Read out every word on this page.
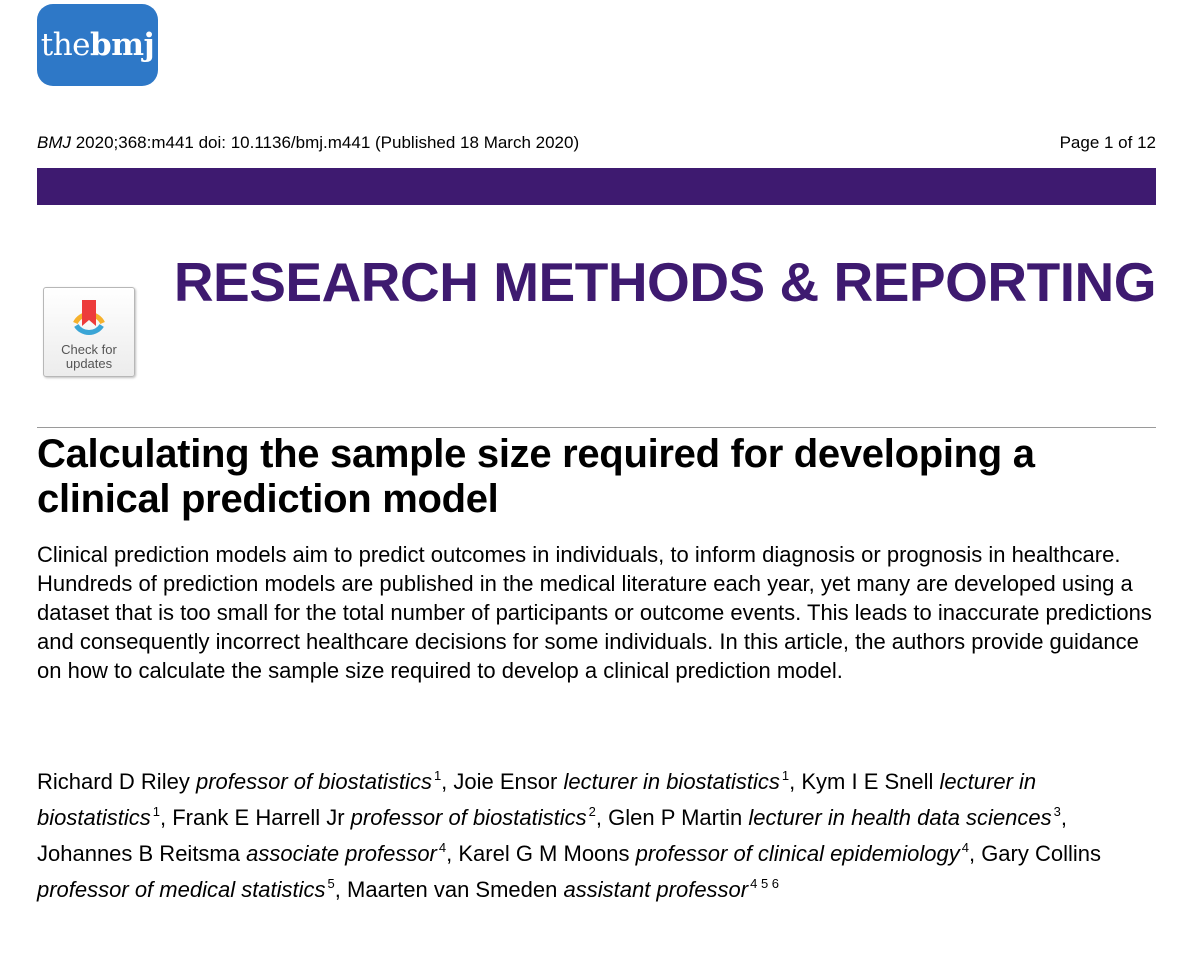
thebmj
BMJ 2020;368:m441 doi: 10.1136/bmj.m441 (Published 18 March 2020)	Page 1 of 12
RESEARCH METHODS & REPORTING
Check for
updates
Calculating the sample size required for developing a clinical prediction model

Clinical prediction models aim to predict outcomes in individuals, to inform diagnosis or prognosis in healthcare. Hundreds of prediction models are published in the medical literature each year, yet many are developed using a dataset that is too small for the total number of participants or outcome events. This leads to inaccurate predictions and consequently incorrect healthcare decisions for some individuals. In this article, the authors provide guidance on how to calculate the sample size required to develop a clinical prediction model.

Richard D Riley professor of biostatistics $^1$, Joie Ensor lecturer in biostatistics $^1$, Kym I E Snell lecturer in biostatistics $^1$, Frank E Harrell Jr professor of biostatistics $^2$, Glen P Martin lecturer in health data sciences $^3$, Johannes B Reitsma associate professor $^4$, Karel G M Moons professor of clinical epidemiology $^4$, Gary Collins professor of medical statistics $^5$, Maarten van Smeden assistant professor $^{4 5 6}$
